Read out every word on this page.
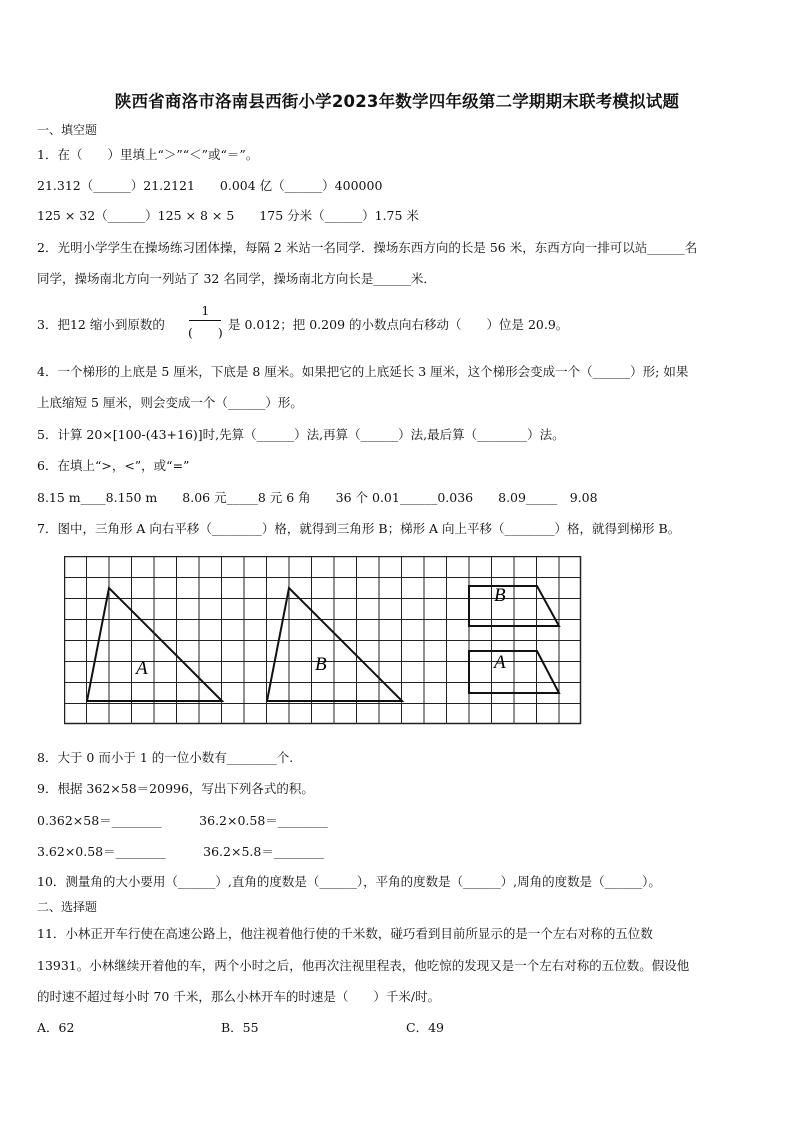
陕西省商洛市洛南县西街小学2023年数学四年级第二学期期末联考模拟试题
一、填空题
1．在（　　）里填上“＞”“＜”或“＝”。
21.312（______）21.2121　　0.004 亿（______）400000
125 × 32（______）125 × 8 × 5　　175 分米（______）1.75 米
2．光明小学学生在操场练习团体操，每隔 2 米站一名同学．操场东西方向的长是 56 米，东西方向一排可以站______名
同学，操场南北方向一列站了 32 名同学，操场南北方向长是______米．
3．把12 缩小到原数的
1
(　　)
是 0.012；把 0.209 的小数点向右移动（　　）位是 20.9。
4．一个梯形的上底是 5 厘米，下底是 8 厘米。如果把它的上底延长 3 厘米，这个梯形会变成一个（______）形; 如果
上底缩短 5 厘米，则会变成一个（______）形。
5．计算 20×[100-(43+16)]时,先算（______）法,再算（______）法,最后算（________）法。
6．在填上“>，<”，或“=”
8.15 m____8.150 m　　8.06 元_____8 元 6 角　　36 个 0.01______0.036　　8.09_____　9.08
7．图中，三角形 A 向右平移（________）格，就得到三角形 B；梯形 A 向上平移（________）格，就得到梯形 B。
A	B
B
A
8．大于 0 而小于 1 的一位小数有________个.
9．根据 362×58＝20996，写出下列各式的积。
0.362×58＝________　　　36.2×0.58＝________
3.62×0.58＝________　　　36.2×5.8＝________
10．测量角的大小要用（______）,直角的度数是（______），平角的度数是（______）,周角的度数是（______）。
二、选择题
11．小林正开车行使在高速公路上，他注视着他行使的千米数，碰巧看到目前所显示的是一个左右对称的五位数
13931。小林继续开着他的车，两个小时之后，他再次注视里程表，他吃惊的发现又是一个左右对称的五位数。假设他
的时速不超过每小时 70 千米，那么小林开车的时速是（　　）千米/时。
A．62	B．55	C．49
